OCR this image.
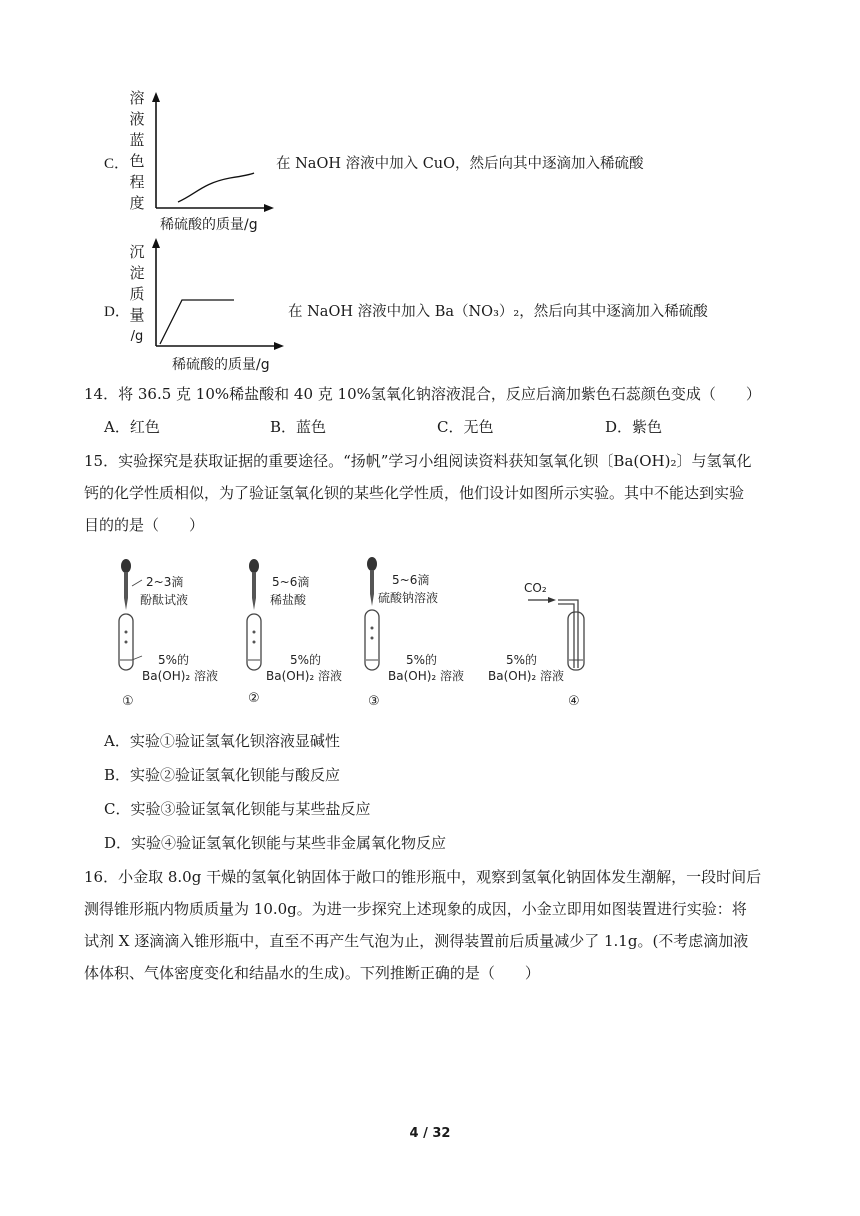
C．
溶
液
蓝
色
程
度
稀硫酸的质量/g
在 NaOH 溶液中加入 CuO，然后向其中逐滴加入稀硫酸
D．
沉
淀
质
量
/g
稀硫酸的质量/g
在 NaOH 溶液中加入 Ba（NO₃）₂，然后向其中逐滴加入稀硫酸
14．将 36.5 克 10%稀盐酸和 40 克 10%氢氧化钠溶液混合，反应后滴加紫色石蕊颜色变成（　　）
A．红色	B．蓝色	C．无色	D．紫色
15．实验探究是获取证据的重要途径。“扬帆”学习小组阅读资料获知氢氧化钡〔Ba(OH)₂〕与氢氧化
钙的化学性质相似，为了验证氢氧化钡的某些化学性质，他们设计如图所示实验。其中不能达到实验
目的的是（　　）
2~3滴
酚酞试液
5%的
Ba(OH)₂ 溶液
①
5~6滴
稀盐酸
5%的
Ba(OH)₂ 溶液
②
5~6滴
硫酸钠溶液
5%的
Ba(OH)₂ 溶液
③
CO₂
5%的
Ba(OH)₂ 溶液
④
A．实验①验证氢氧化钡溶液显碱性
B．实验②验证氢氧化钡能与酸反应
C．实验③验证氢氧化钡能与某些盐反应
D．实验④验证氢氧化钡能与某些非金属氧化物反应
16．小金取 8.0g 干燥的氢氧化钠固体于敞口的锥形瓶中，观察到氢氧化钠固体发生潮解，一段时间后
测得锥形瓶内物质质量为 10.0g。为进一步探究上述现象的成因，小金立即用如图装置进行实验：将
试剂 X 逐滴滴入锥形瓶中，直至不再产生气泡为止，测得装置前后质量减少了 1.1g。(不考虑滴加液
体体积、气体密度变化和结晶水的生成)。下列推断正确的是（　　）
4 / 32
